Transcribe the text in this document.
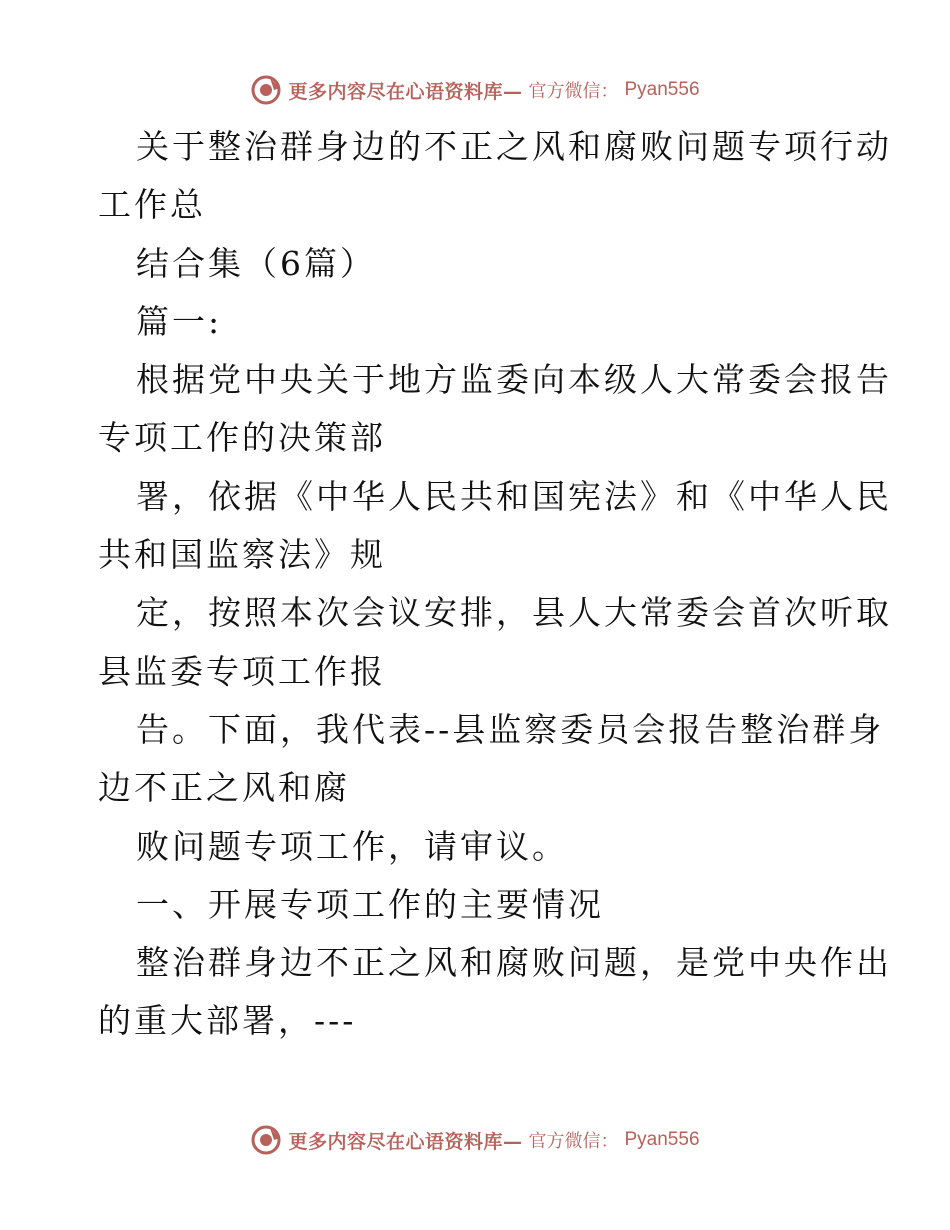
更多内容尽在心语资料库— 官方微信： Pyan556
关于整治群身边的不正之风和腐败问题专项行动
工作总
结合集（6篇）
篇一:
根据党中央关于地方监委向本级人大常委会报告
专项工作的决策部
署，依据《中华人民共和国宪法》和《中华人民
共和国监察法》规
定，按照本次会议安排，县人大常委会首次听取
县监委专项工作报
告。下面，我代表--县监察委员会报告整治群身
边不正之风和腐
败问题专项工作，请审议。
一、开展专项工作的主要情况
整治群身边不正之风和腐败问题，是党中央作出
的重大部署，---
更多内容尽在心语资料库— 官方微信： Pyan556
